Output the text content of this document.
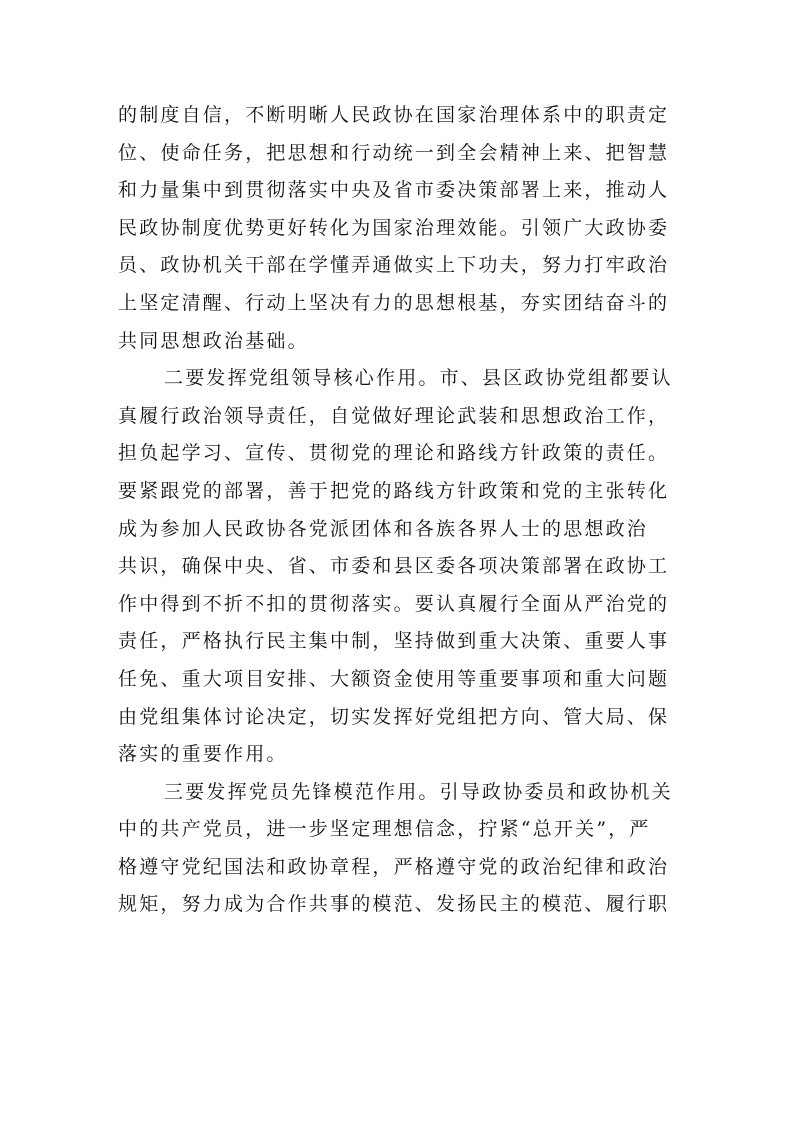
的制度自信，不断明晰人民政协在国家治理体系中的职责定
位、使命任务，把思想和行动统一到全会精神上来、把智慧
和力量集中到贯彻落实中央及省市委决策部署上来，推动人
民政协制度优势更好转化为国家治理效能。引领广大政协委
员、政协机关干部在学懂弄通做实上下功夫，努力打牢政治
上坚定清醒、行动上坚决有力的思想根基，夯实团结奋斗的
共同思想政治基础。
二要发挥党组领导核心作用。市、县区政协党组都要认
真履行政治领导责任，自觉做好理论武装和思想政治工作，
担负起学习、宣传、贯彻党的理论和路线方针政策的责任。
要紧跟党的部署，善于把党的路线方针政策和党的主张转化
成为参加人民政协各党派团体和各族各界人士的思想政治
共识，确保中央、省、市委和县区委各项决策部署在政协工
作中得到不折不扣的贯彻落实。要认真履行全面从严治党的
责任，严格执行民主集中制，坚持做到重大决策、重要人事
任免、重大项目安排、大额资金使用等重要事项和重大问题
由党组集体讨论决定，切实发挥好党组把方向、管大局、保
落实的重要作用。
三要发挥党员先锋模范作用。引导政协委员和政协机关
中的共产党员，进一步坚定理想信念，拧紧“总开关”，严
格遵守党纪国法和政协章程，严格遵守党的政治纪律和政治
规矩，努力成为合作共事的模范、发扬民主的模范、履行职
